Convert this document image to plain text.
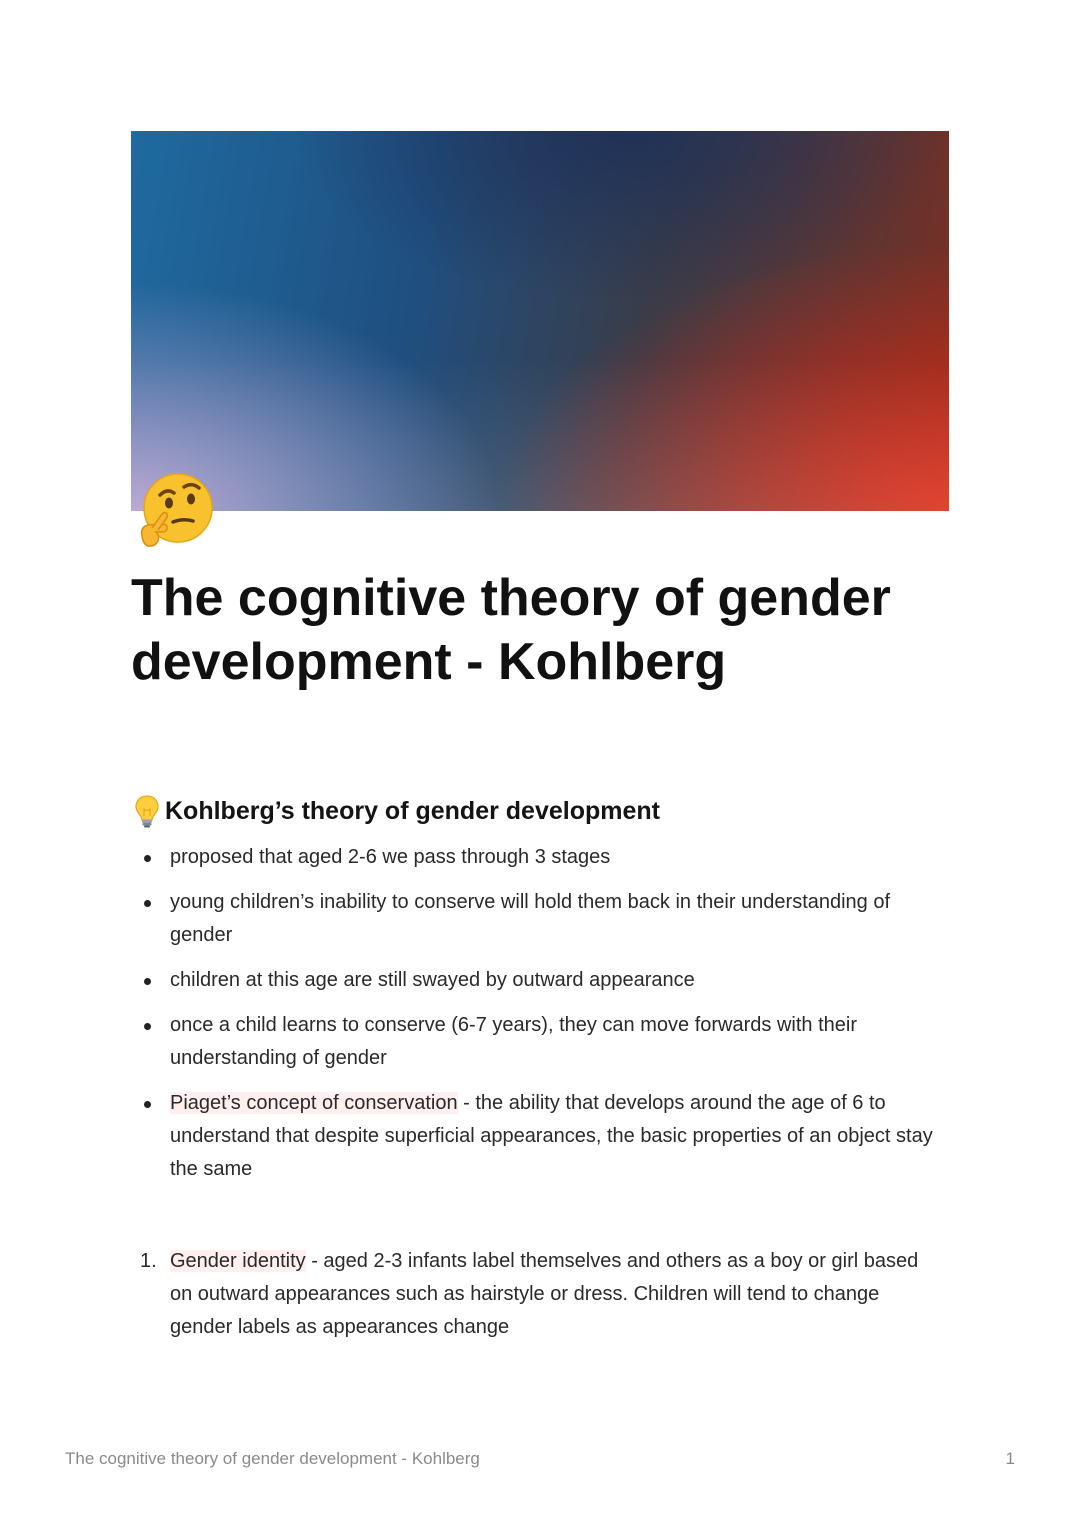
The cognitive theory of gender development - Kohlberg
Kohlberg’s theory of gender development
proposed that aged 2-6 we pass through 3 stages
young children’s inability to conserve will hold them back in their understanding of gender
children at this age are still swayed by outward appearance
once a child learns to conserve (6-7 years), they can move forwards with their understanding of gender
Piaget’s concept of conservation - the ability that develops around the age of 6 to understand that despite superficial appearances, the basic properties of an object stay the same
1. Gender identity - aged 2-3 infants label themselves and others as a boy or girl based on outward appearances such as hairstyle or dress. Children will tend to change gender labels as appearances change
The cognitive theory of gender development - Kohlberg	1
